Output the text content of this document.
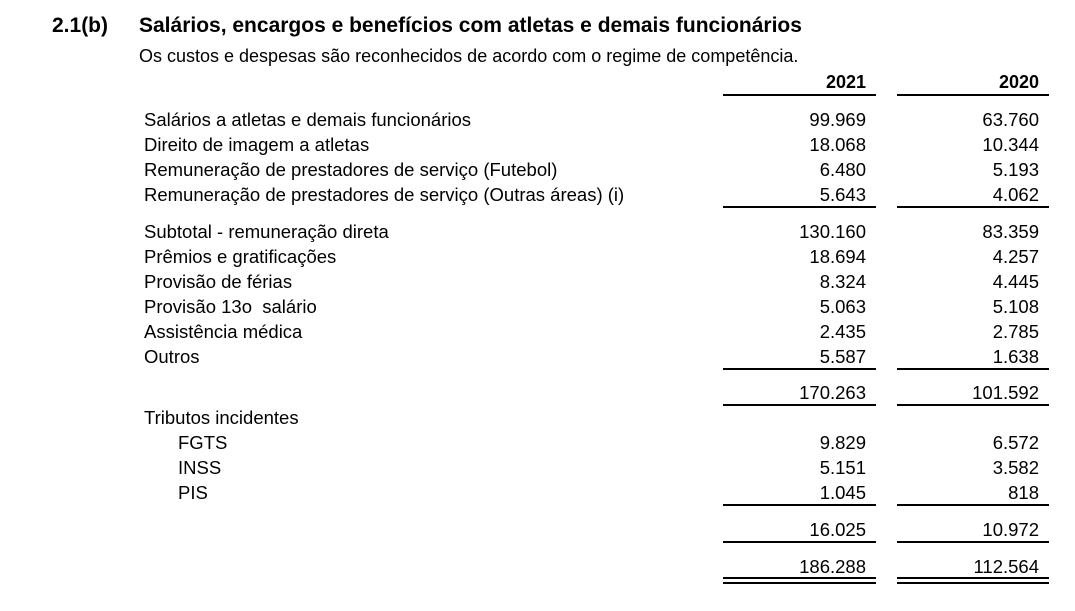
2.1(b) Salários, encargos e benefícios com atletas e demais funcionários
Os custos e despesas são reconhecidos de acordo com o regime de competência.
2021	2020
Salários a atletas e demais funcionários	99.969	63.760
Direito de imagem a atletas	18.068	10.344
Remuneração de prestadores de serviço (Futebol)	6.480	5.193
Remuneração de prestadores de serviço (Outras áreas) (i)	5.643	4.062
Subtotal - remuneração direta	130.160	83.359
Prêmios e gratificações	18.694	4.257
Provisão de férias	8.324	4.445
Provisão 13o  salário	5.063	5.108
Assistência médica	2.435	2.785
Outros	5.587	1.638
170.263	101.592
Tributos incidentes
FGTS	9.829	6.572
INSS	5.151	3.582
PIS	1.045	818
16.025	10.972
186.288	112.564
